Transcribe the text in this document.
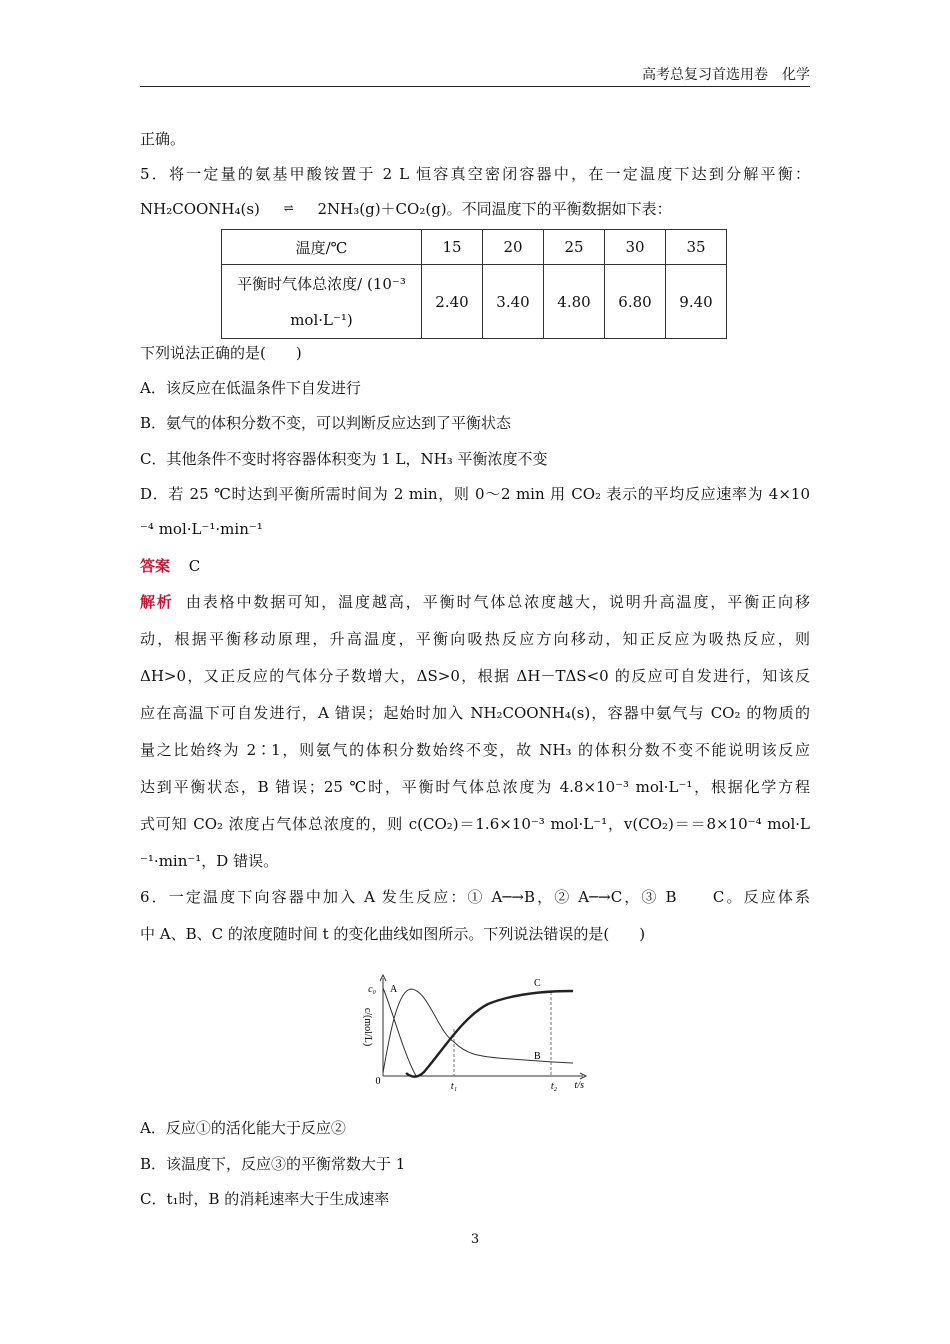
高考总复习首选用卷　化学
正确。
5．将一定量的氨基甲酸铵置于 2 L 恒容真空密闭容器中，在一定温度下达到分解平衡：
NH₂COONH₄(s) ⇌ 2NH₃(g)＋CO₂(g)。不同温度下的平衡数据如下表：
温度/℃	15	20	25	30	35

平衡时气体总浓度/ (10⁻³
mol·L⁻¹)	2.40	3.40	4.80	6.80	9.40
下列说法正确的是(　　)
A．该反应在低温条件下自发进行
B．氨气的体积分数不变，可以判断反应达到了平衡状态
C．其他条件不变时将容器体积变为 1 L，NH₃ 平衡浓度不变
D．若 25 ℃时达到平衡所需时间为 2 min，则 0～2 min 用 CO₂ 表示的平均反应速率为 4×10
⁻⁴ mol·L⁻¹·min⁻¹
答案 C
解析 由表格中数据可知，温度越高，平衡时气体总浓度越大，说明升高温度，平衡正向移
动，根据平衡移动原理，升高温度，平衡向吸热反应方向移动，知正反应为吸热反应，则
ΔH>0，又正反应的气体分子数增大，ΔS>0，根据 ΔH－TΔS<0 的反应可自发进行，知该反
应在高温下可自发进行，A 错误；起始时加入 NH₂COONH₄(s)，容器中氨气与 CO₂ 的物质的
量之比始终为 2∶1，则氨气的体积分数始终不变，故 NH₃ 的体积分数不变不能说明该反应
达到平衡状态，B 错误；25 ℃时，平衡时气体总浓度为 4.8×10⁻³ mol·L⁻¹，根据化学方程
式可知 CO₂ 浓度占气体总浓度的，则 c(CO₂)＝1.6×10⁻³ mol·L⁻¹，v(CO₂)＝＝8×10⁻⁴ mol·L
⁻¹·min⁻¹，D 错误。
6．一定温度下向容器中加入 A 发生反应：① A─→B，② A─→C，③ B　　C。反应体系
中 A、B、C 的浓度随时间 t 的变化曲线如图所示。下列说法错误的是(　　)
c₀ A
C
B
0	t₁	t₂ t/s
c/(mol/L)
A．反应①的活化能大于反应②
B．该温度下，反应③的平衡常数大于 1
C．t₁时，B 的消耗速率大于生成速率
3
